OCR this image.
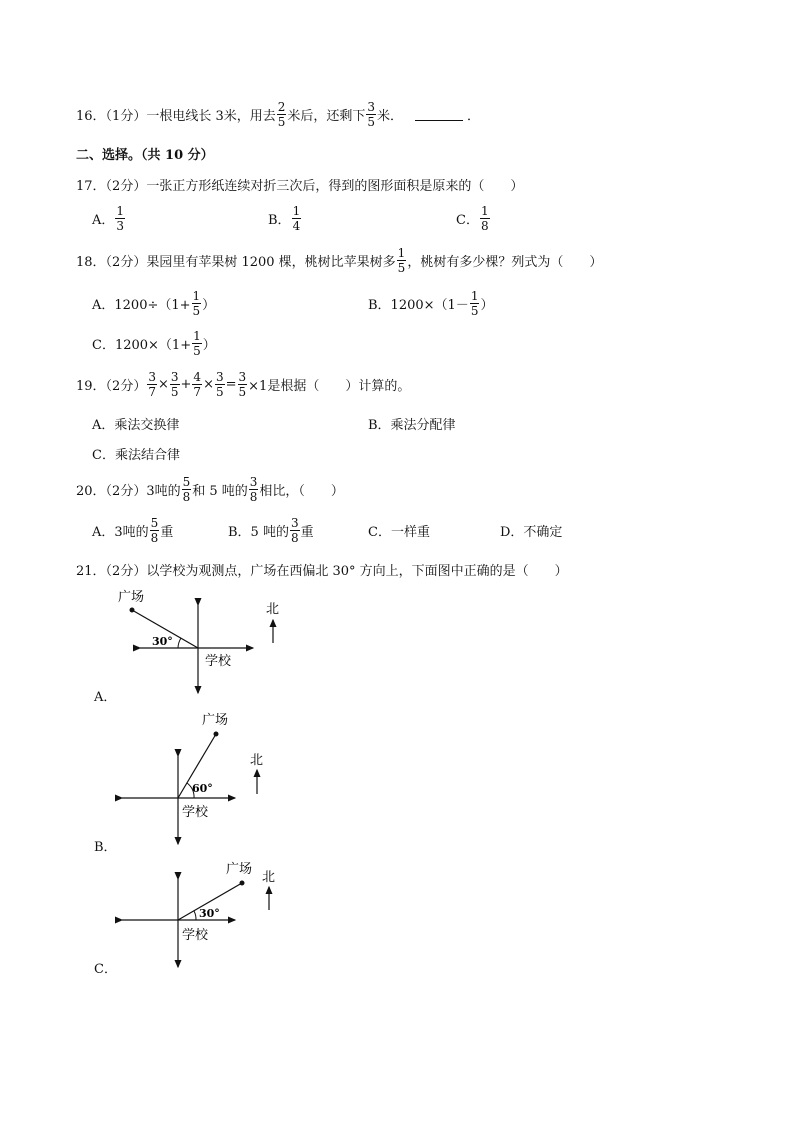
16．（1分）一根电线长 3米，用去 $\frac{2}{5}$ 米后，还剩下 $\frac{3}{5}$ 米．	．
二、选择。（共 10 分）
17．（2分）一张正方形纸连续对折三次后，得到的图形面积是原来的（　　）
A． $\frac{1}{3}$	B． $\frac{1}{4}$	C． $\frac{1}{8}$
18．（2分）果园里有苹果树 1200 棵，桃树比苹果树多 $\frac{1}{5}$ ，桃树有多少棵？列式为（　　）
A．$1200\div(1+ \frac{1}{5}$ ）	B．$1200\times(1- \frac{1}{5}$ ）
C．$1200\times(1+ \frac{1}{5}$ ）
19．（2分） $\frac{3}{7} \times \frac{3}{5} + \frac{4}{7} \times \frac{3}{5} = \frac{3}{5} \times 1$是根据（　　）计算的。
A．乘法交换律	B．乘法分配律
C．乘法结合律
20．（2分）3吨的 $\frac{5}{8}$ 和 5 吨的 $\frac{3}{8}$ 相比，（　　）
A．3吨的 $\frac{5}{8}$ 重	B．5 吨的 $\frac{3}{8}$ 重	C．一样重	D．不确定
21．（2分）以学校为观测点，广场在西偏北 30° 方向上，下面图中正确的是（　　）
广场
30°
学校
北
A．
广场
60°
学校
北
B．
广场
30°
学校
北
C．
